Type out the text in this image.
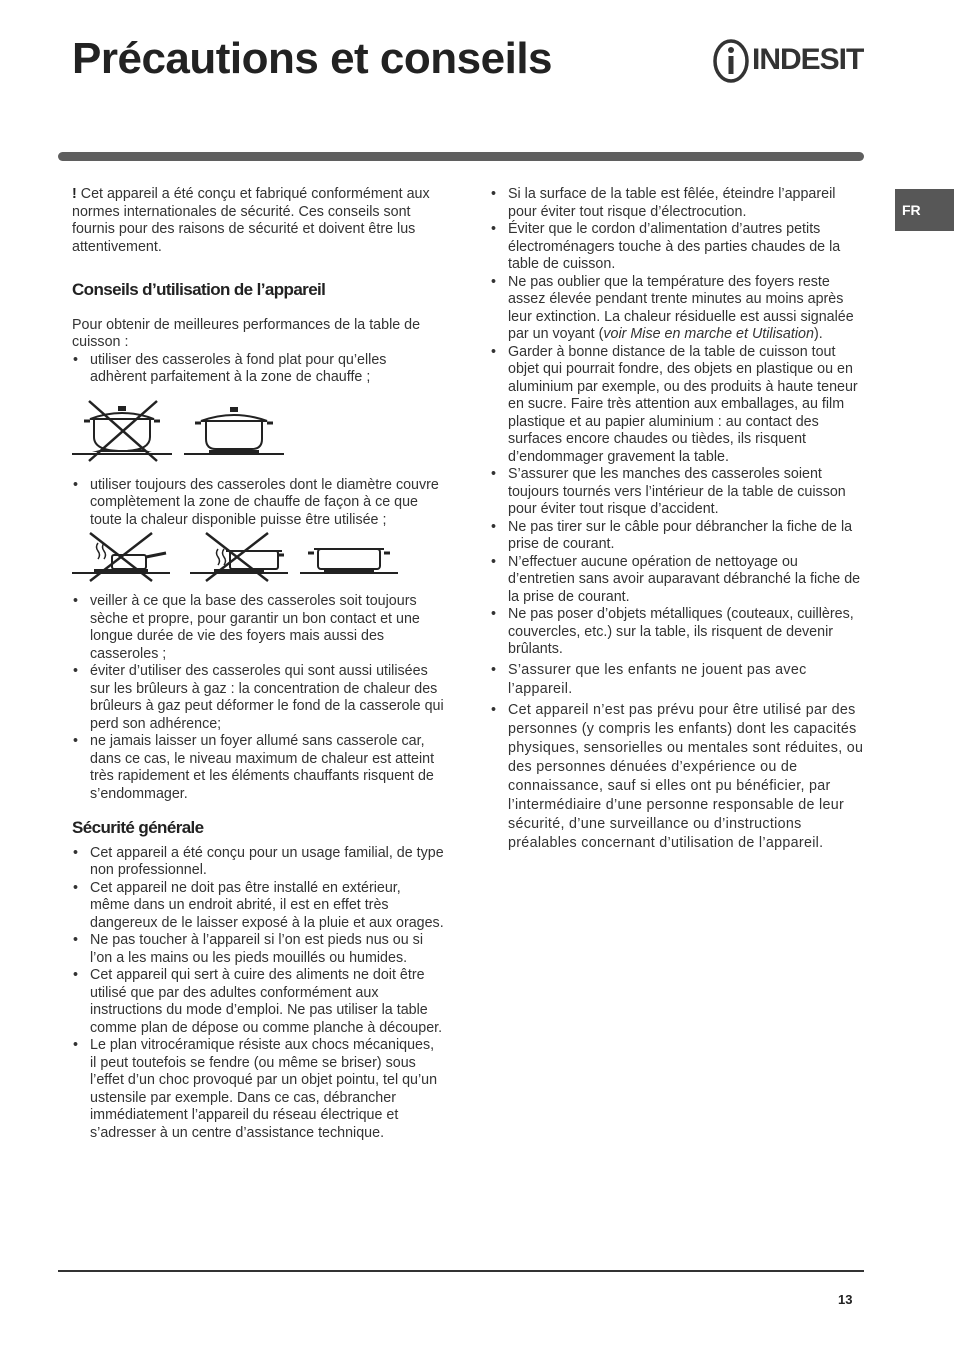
Précautions et conseils	INDESIT
FR

! Cet appareil a été conçu et fabriqué conformément aux normes internationales de sécurité. Ces conseils sont fournis pour des raisons de sécurité et doivent être lus attentivement.

Conseils d’utilisation de l’appareil

Pour obtenir de meilleures performances de la table de cuisson :

• utiliser des casseroles à fond plat pour qu’elles adhèrent parfaitement à la zone de chauffe ;
• utiliser toujours des casseroles dont le diamètre couvre complètement la zone de chauffe de façon à ce que toute la chaleur disponible puisse être utilisée ;
• veiller à ce que la base des casseroles soit toujours sèche et propre, pour garantir un bon contact et une longue durée de vie des foyers mais aussi des casseroles ;
• éviter d’utiliser des casseroles qui sont aussi utilisées sur les brûleurs à gaz : la concentration de chaleur des brûleurs à gaz peut déformer le fond de la casserole qui perd son adhérence;
• ne jamais laisser un foyer allumé sans casserole car, dans ce cas, le niveau maximum de chaleur est atteint très rapidement et les éléments chauffants risquent de s’endommager.
Sécurité générale
• Cet appareil a été conçu pour un usage familial, de type non professionnel.
• Cet appareil ne doit pas être installé en extérieur, même dans un endroit abrité, il est en effet très dangereux de le laisser exposé à la pluie et aux orages.
• Ne pas toucher à l’appareil si l’on est pieds nus ou si l’on a les mains ou les pieds mouillés ou humides.
• Cet appareil qui sert à cuire des aliments ne doit être utilisé que par des adultes conformément aux instructions du mode d’emploi. Ne pas utiliser la table comme plan de dépose ou comme planche à découper.
• Le plan vitrocéramique résiste aux chocs mécaniques, il peut toutefois se fendre (ou même se briser) sous l’effet d’un choc provoqué par un objet pointu, tel qu’un ustensile par exemple. Dans ce cas, débrancher immédiatement l’appareil du réseau électrique et s’adresser à un centre d’assistance technique.
• Si la surface de la table est fêlée, éteindre l’appareil pour éviter tout risque d’électrocution.
• Éviter que le cordon d’alimentation d’autres petits électroménagers touche à des parties chaudes de la table de cuisson.
• Ne pas oublier que la température des foyers reste assez élevée pendant trente minutes au moins après leur extinction. La chaleur résiduelle est aussi signalée par un voyant (voir Mise en marche et Utilisation).
• Garder à bonne distance de la table de cuisson tout objet qui pourrait fondre, des objets en plastique ou en aluminium par exemple, ou des produits à haute teneur en sucre. Faire très attention aux emballages, au film plastique et au papier aluminium : au contact des surfaces encore chaudes ou tièdes, ils risquent d’endommager gravement la table.
• S’assurer que les manches des casseroles soient toujours tournés vers l’intérieur de la table de cuisson pour éviter tout risque d’accident.
• Ne pas tirer sur le câble pour débrancher la fiche de la prise de courant.
• N’effectuer aucune opération de nettoyage ou d’entretien sans avoir auparavant débranché la fiche de la prise de courant.
• Ne pas poser d’objets métalliques (couteaux, cuillères, couvercles, etc.) sur la table, ils risquent de devenir brûlants.
• S’assurer que les enfants ne jouent pas avec l’appareil.
• Cet appareil n’est pas prévu pour être utilisé par des personnes (y compris les enfants) dont les capacités physiques, sensorielles ou mentales sont réduites, ou des personnes dénuées d’expérience ou de connaissance, sauf si elles ont pu bénéficier, par l’intermédiaire d’une personne responsable de leur sécurité, d’une surveillance ou d’instructions préalables concernant d’utilisation de l’appareil.
13
